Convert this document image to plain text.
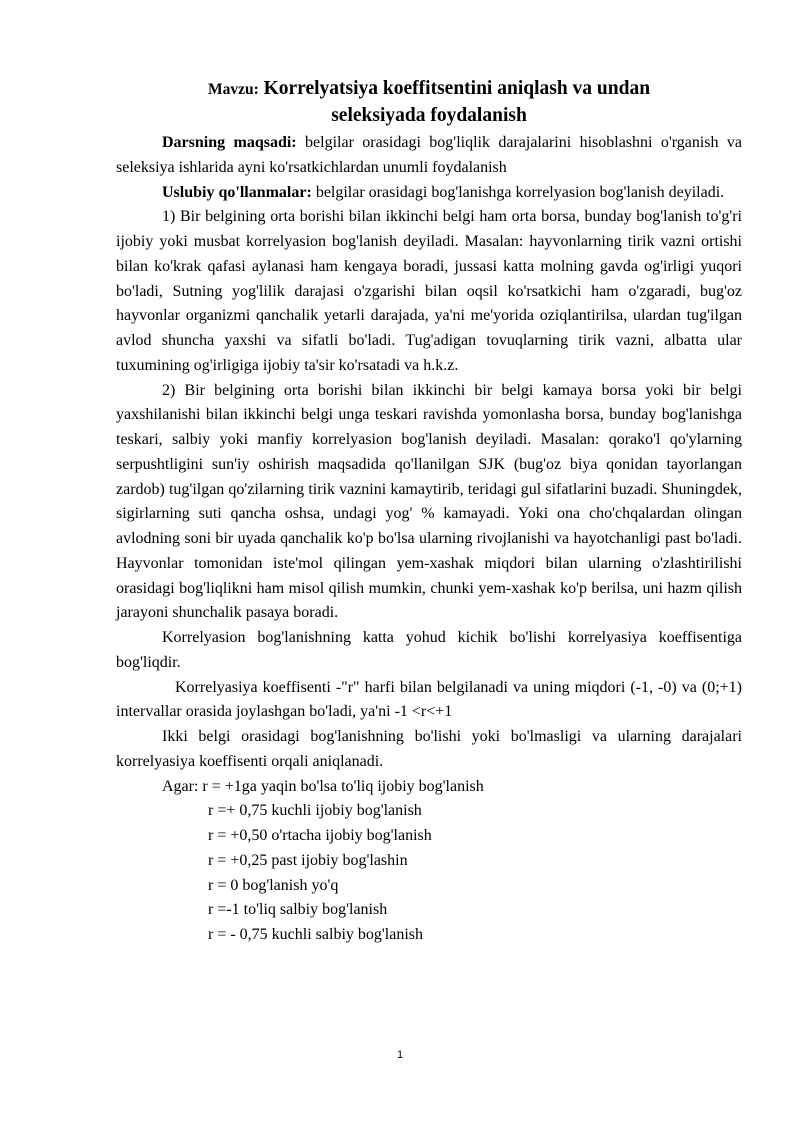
Mavzu: Korrelyatsiya koeffitsentini aniqlash va undan
seleksiyada foydalanish

Darsning maqsadi: belgilar orasidagi bog'liqlik darajalarini hisoblashni o'rganish va seleksiya ishlarida ayni ko'rsatkichlardan unumli foydalanish

Uslubiy qo'llanmalar: belgilar orasidagi bog'lanishga korrelyasion bog'lanish deyiladi.

1) Bir belgining orta borishi bilan ikkinchi belgi ham orta borsa, bunday bog'lanish to'g'ri ijobiy yoki musbat korrelyasion bog'lanish deyiladi. Masalan: hayvonlarning tirik vazni ortishi bilan ko'krak qafasi aylanasi ham kengaya boradi, jussasi katta molning gavda og'irligi yuqori bo'ladi, Sutning yog'lilik darajasi o'zgarishi bilan oqsil ko'rsatkichi ham o'zgaradi, bug'oz hayvonlar organizmi qanchalik yetarli darajada, ya'ni me'yorida oziqlantirilsa, ulardan tug'ilgan avlod shuncha yaxshi va sifatli bo'ladi. Tug'adigan tovuqlarning tirik vazni, albatta ular tuxumining og'irligiga ijobiy ta'sir ko'rsatadi va h.k.z.

2) Bir belgining orta borishi bilan ikkinchi bir belgi kamaya borsa yoki bir belgi yaxshilanishi bilan ikkinchi belgi unga teskari ravishda yomonlasha borsa, bunday bog'lanishga teskari, salbiy yoki manfiy korrelyasion bog'lanish deyiladi. Masalan: qorako'l qo'ylarning serpushtligini sun'iy oshirish maqsadida qo'llanilgan SJK (bug'oz biya qonidan tayorlangan zardob) tug'ilgan qo'zilarning tirik vaznini kamaytirib, teridagi gul sifatlarini buzadi. Shuningdek, sigirlarning suti qancha oshsa, undagi yog' % kamayadi. Yoki ona cho'chqalardan olingan avlodning soni bir uyada qanchalik ko'p bo'lsa ularning rivojlanishi va hayotchanligi past bo'ladi. Hayvonlar tomonidan iste'mol qilingan yem-xashak miqdori bilan ularning o'zlashtirilishi orasidagi bog'liqlikni ham misol qilish mumkin, chunki yem-xashak ko'p berilsa, uni hazm qilish jarayoni shunchalik pasaya boradi.

Korrelyasion bog'lanishning katta yohud kichik bo'lishi korrelyasiya koeffisentiga bog'liqdir.

Korrelyasiya koeffisenti -"r" harfi bilan belgilanadi va uning miqdori (-1, -0) va (0;+1) intervallar orasida joylashgan bo'ladi, ya'ni -1 <r<+1

Ikki belgi orasidagi bog'lanishning bo'lishi yoki bo'lmasligi va ularning darajalari korrelyasiya koeffisenti orqali aniqlanadi.

Agar: r = +1ga yaqin bo'lsa to'liq ijobiy bog'lanish
r =+ 0,75 kuchli ijobiy bog'lanish
r = +0,50 o'rtacha ijobiy bog'lanish
r = +0,25 past ijobiy bog'lashin
r = 0 bog'lanish yo'q
r =-1 to'liq salbiy bog'lanish
r = - 0,75 kuchli salbiy bog'lanish
1
